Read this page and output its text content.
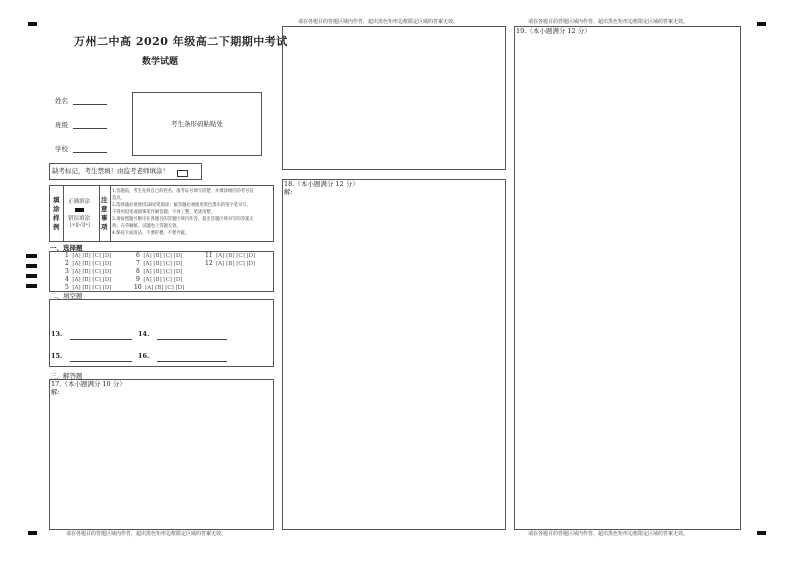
请在各题目的答题区域内作答，超出黑色矩形边框限定区域的答案无效。	请在各题目的答题区域内作答，超出黑色矩形边框限定区域的答案无效。
万州二中高 2020 年级高二下期期中考试
数学试题
姓名
班级
学校
考生条形码粘贴处
缺考标记，考生禁填！由监考老师填涂！
填涂样例
正确填涂
错误填涂
[×][√][•]
注意事项
1.答题前，考生先将自己的姓名、准考证号填写清楚，并填涂相应的考号信
息点。
2.选择题必须使用2B铅笔填涂；解答题必须使用黑色墨水的签字笔书写，
不得用铅笔或圆珠笔作解答题；字体工整、笔迹清楚。
3.请按照题号顺序在各题目的答题区域内作答，超出答题区域书写的答案无
效；在草稿纸、试题卷上答题无效。
4.保持卡面清洁，不要折叠、不要弄破。
一、选择题
1 [A] [B] [C] [D]
2 [A] [B] [C] [D]
3 [A] [B] [C] [D]
4 [A] [B] [C] [D]
5 [A] [B] [C] [D]
6 [A] [B] [C] [D]
7 [A] [B] [C] [D]
8 [A] [B] [C] [D]
9 [A] [B] [C] [D]
10 [A] [B] [C] [D]
11 [A] [B] [C] [D]
12 [A] [B] [C] [D]
二、填空题
13.	14.
15.	16.
三、解答题
17.（本小题满分 10 分）
解:
请在各题目的答题区域内作答，超出黑色矩形边框限定区域的答案无效。
18.（本小题满分 12 分）
解:
19.（本小题满分 12 分）
请在各题目的答题区域内作答，超出黑色矩形边框限定区域的答案无效。
